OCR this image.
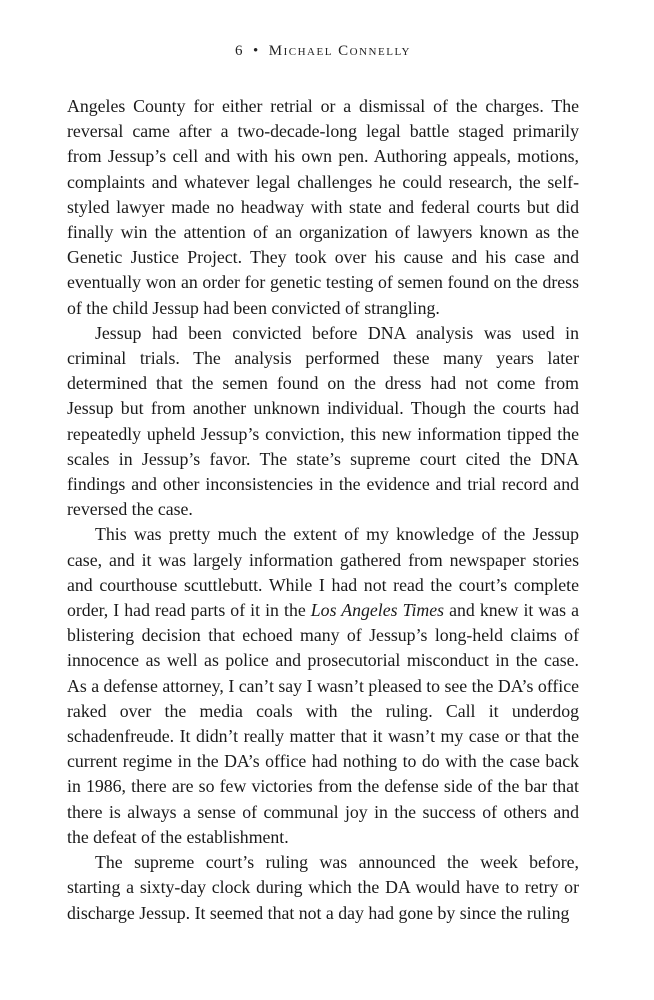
6 • Michael Connelly

Angeles County for either retrial or a dismissal of the charges. The reversal came after a two-decade-long legal battle staged primarily from Jessup’s cell and with his own pen. Authoring appeals, motions, complaints and whatever legal challenges he could research, the self-styled lawyer made no headway with state and federal courts but did finally win the attention of an organization of lawyers known as the Genetic Justice Project. They took over his cause and his case and eventually won an order for genetic testing of semen found on the dress of the child Jessup had been convicted of strangling.

Jessup had been convicted before DNA analysis was used in criminal trials. The analysis performed these many years later determined that the semen found on the dress had not come from Jessup but from another unknown individual. Though the courts had repeatedly upheld Jessup’s conviction, this new information tipped the scales in Jessup’s favor. The state’s supreme court cited the DNA findings and other inconsistencies in the evidence and trial record and reversed the case.

This was pretty much the extent of my knowledge of the Jessup case, and it was largely information gathered from newspaper stories and courthouse scuttlebutt. While I had not read the court’s complete order, I had read parts of it in the Los Angeles Times and knew it was a blistering decision that echoed many of Jessup’s long-held claims of innocence as well as police and prosecutorial misconduct in the case. As a defense attorney, I can’t say I wasn’t pleased to see the DA’s office raked over the media coals with the ruling. Call it underdog schadenfreude. It didn’t really matter that it wasn’t my case or that the current regime in the DA’s office had nothing to do with the case back in 1986, there are so few victories from the defense side of the bar that there is always a sense of communal joy in the success of others and the defeat of the establishment.

The supreme court’s ruling was announced the week before, starting a sixty-day clock during which the DA would have to retry or discharge Jessup. It seemed that not a day had gone by since the ruling
